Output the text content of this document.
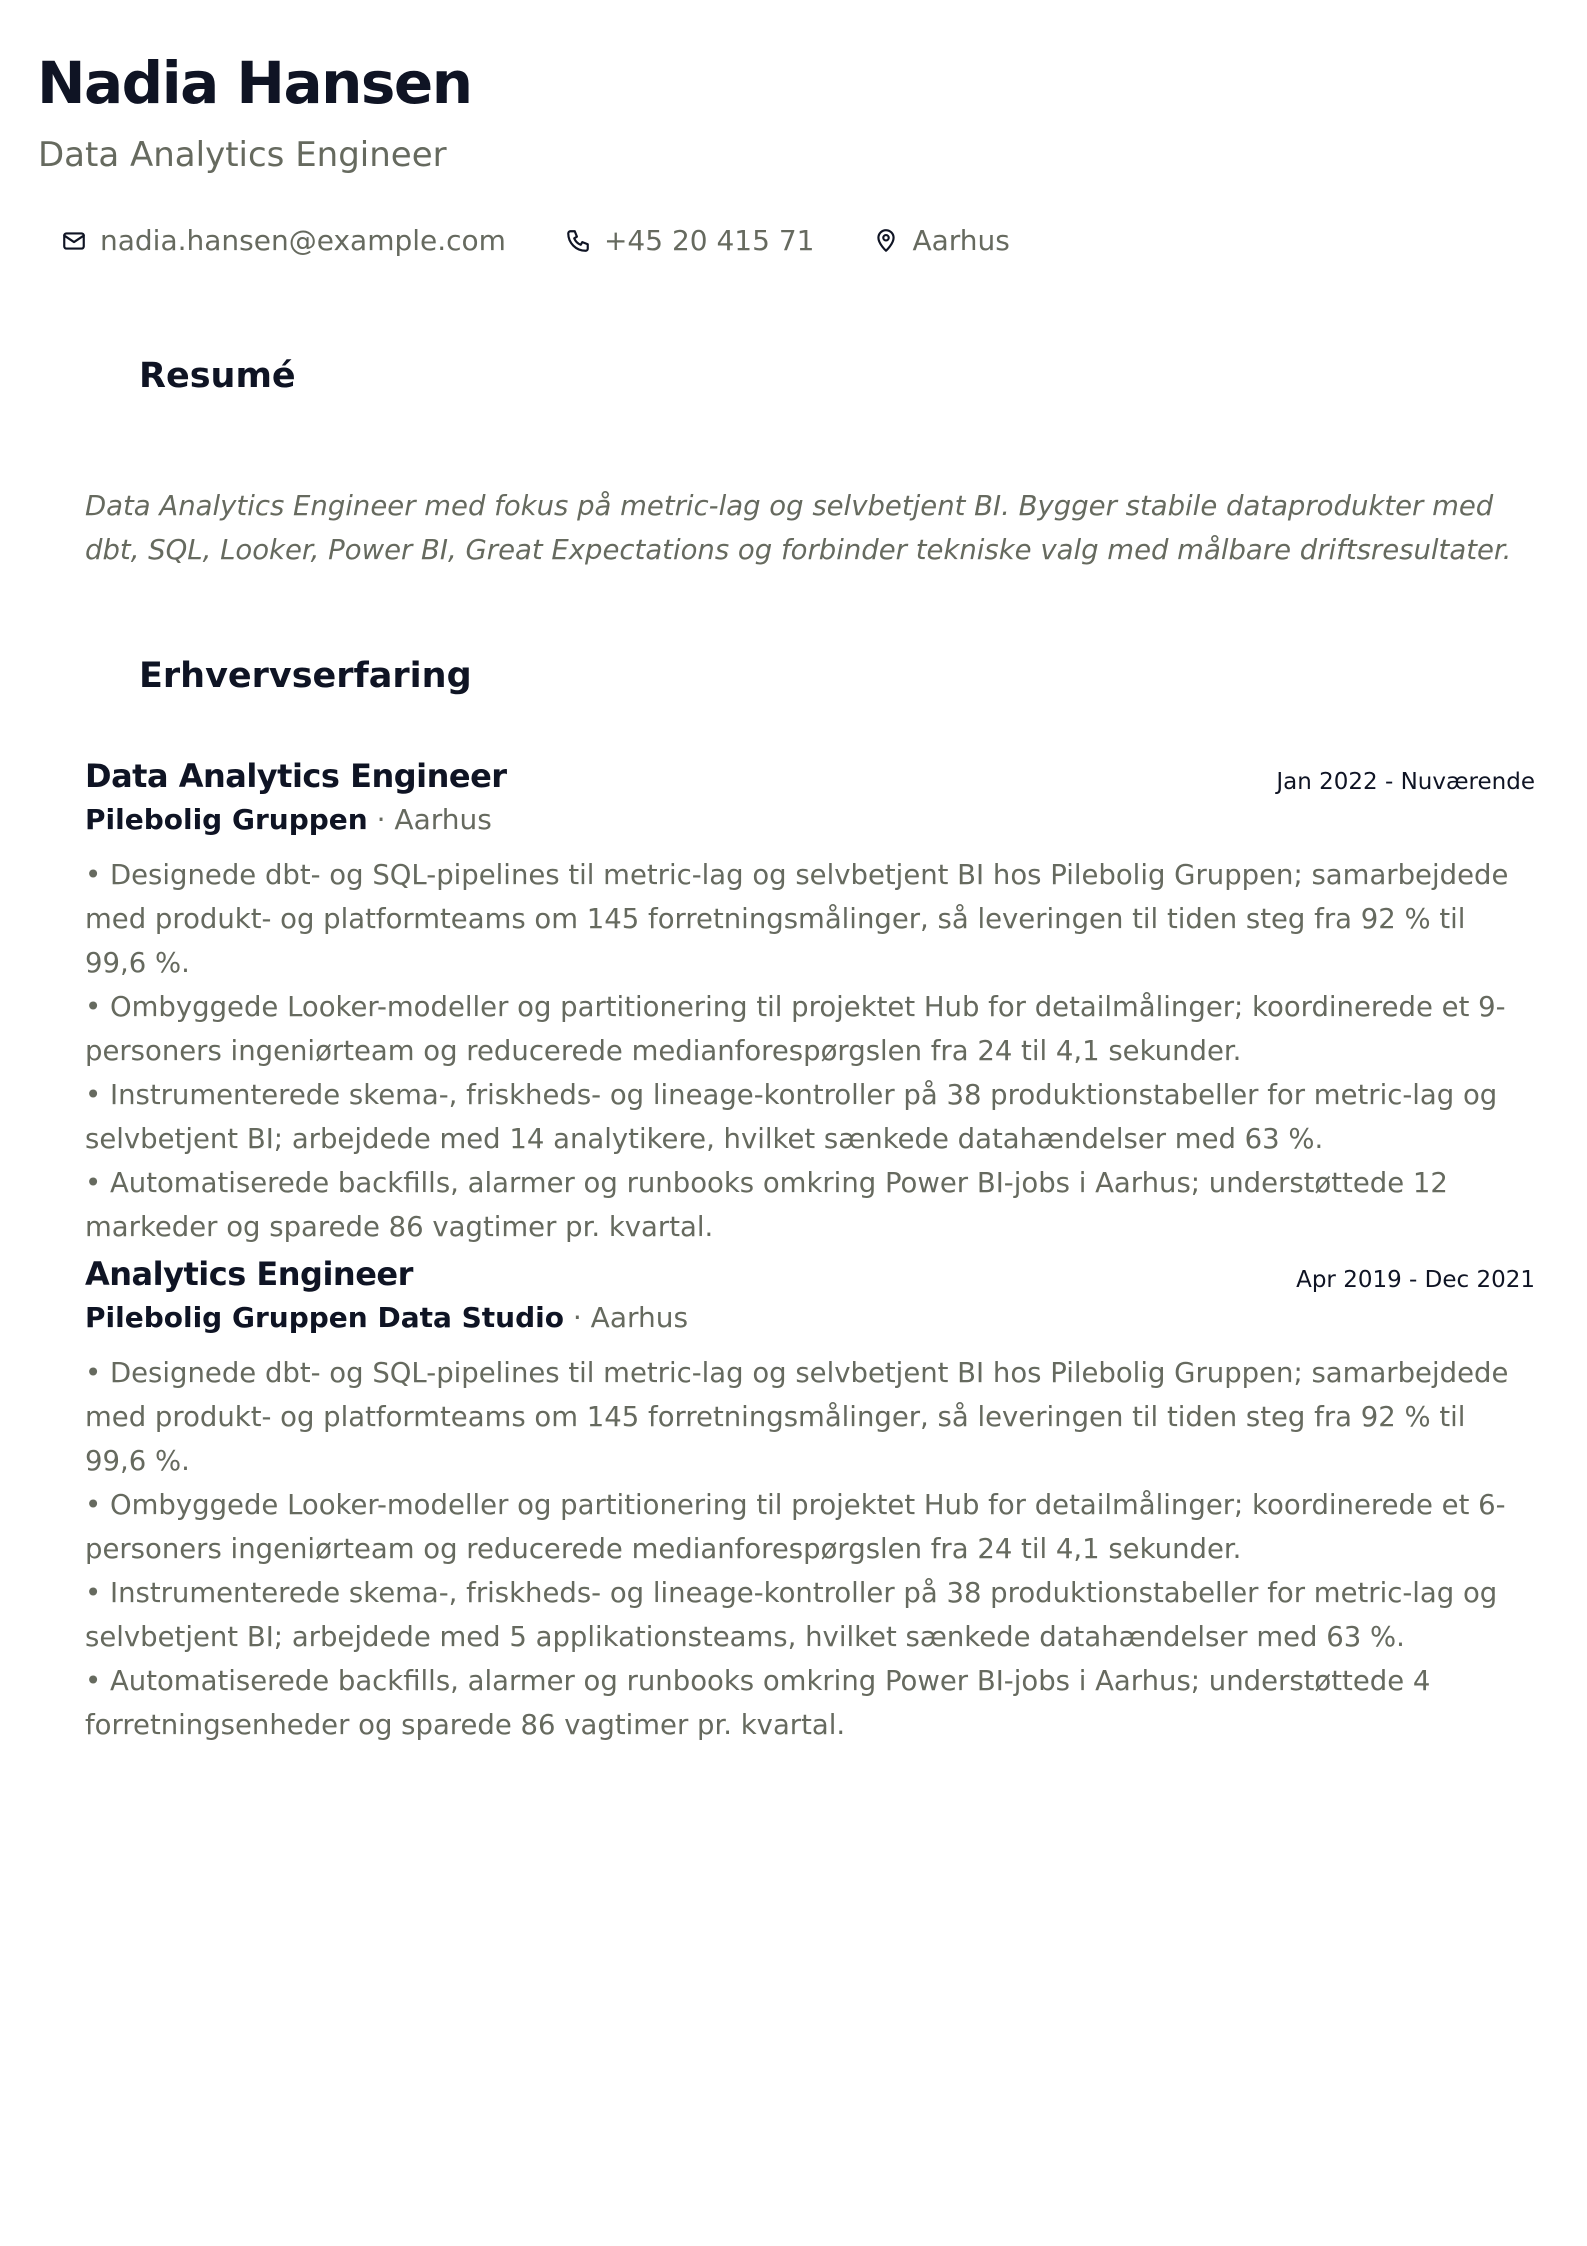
Nadia Hansen
Data Analytics Engineer
nadia.hansen@example.com	+45 20 415 71	Aarhus
Resumé

Data Analytics Engineer med fokus på metric-lag og selvbetjent BI. Bygger stabile dataprodukter med dbt, SQL, Looker, Power BI, Great Expectations og forbinder tekniske valg med målbare driftsresultater.

Erhvervserfaring
Data Analytics Engineer	Jan 2022 - Nuværende
Pilebolig Gruppen · Aarhus
• Designede dbt- og SQL-pipelines til metric-lag og selvbetjent BI hos Pilebolig Gruppen; samarbejdede med produkt- og platformteams om 145 forretningsmålinger, så leveringen til tiden steg fra 92 % til 99,6 %.
• Ombyggede Looker-modeller og partitionering til projektet Hub for detailmålinger; koordinerede et 9-personers ingeniørteam og reducerede medianforespørgslen fra 24 til 4,1 sekunder.
• Instrumenterede skema-, friskheds- og lineage-kontroller på 38 produktionstabeller for metric-lag og selvbetjent BI; arbejdede med 14 analytikere, hvilket sænkede datahændelser med 63 %.
• Automatiserede backfills, alarmer og runbooks omkring Power BI-jobs i Aarhus; understøttede 12 markeder og sparede 86 vagtimer pr. kvartal.
Analytics Engineer	Apr 2019 - Dec 2021
Pilebolig Gruppen Data Studio · Aarhus
• Designede dbt- og SQL-pipelines til metric-lag og selvbetjent BI hos Pilebolig Gruppen; samarbejdede med produkt- og platformteams om 145 forretningsmålinger, så leveringen til tiden steg fra 92 % til 99,6 %.
• Ombyggede Looker-modeller og partitionering til projektet Hub for detailmålinger; koordinerede et 6-personers ingeniørteam og reducerede medianforespørgslen fra 24 til 4,1 sekunder.
• Instrumenterede skema-, friskheds- og lineage-kontroller på 38 produktionstabeller for metric-lag og selvbetjent BI; arbejdede med 5 applikationsteams, hvilket sænkede datahændelser med 63 %.
• Automatiserede backfills, alarmer og runbooks omkring Power BI-jobs i Aarhus; understøttede 4 forretningsenheder og sparede 86 vagtimer pr. kvartal.
